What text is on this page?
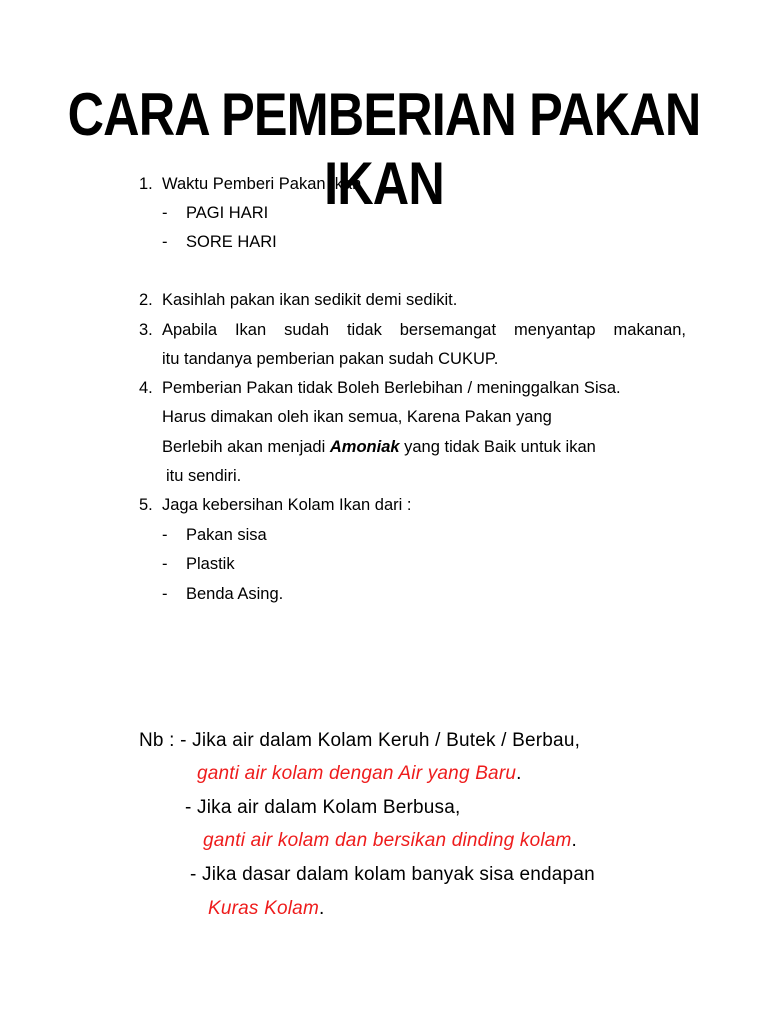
CARA PEMBERIAN PAKAN IKAN
1. Waktu Pemberi Pakan Ikan
- PAGI HARI
- SORE HARI
2. Kasihlah pakan ikan sedikit demi sedikit.
3. Apabila Ikan sudah tidak bersemangat menyantap makanan,
itu tandanya pemberian pakan sudah CUKUP.
4. Pemberian Pakan tidak Boleh Berlebihan / meninggalkan Sisa.
Harus dimakan oleh ikan semua, Karena Pakan yang
Berlebih akan menjadi Amoniak yang tidak Baik untuk ikan
itu sendiri.
5. Jaga kebersihan Kolam Ikan dari :
- Pakan sisa
- Plastik
- Benda Asing.
Nb : - Jika air dalam Kolam Keruh / Butek / Berbau,
ganti air kolam dengan Air yang Baru.
- Jika air dalam Kolam Berbusa,
ganti air kolam dan bersikan dinding kolam.
- Jika dasar dalam kolam banyak sisa endapan
Kuras Kolam.
